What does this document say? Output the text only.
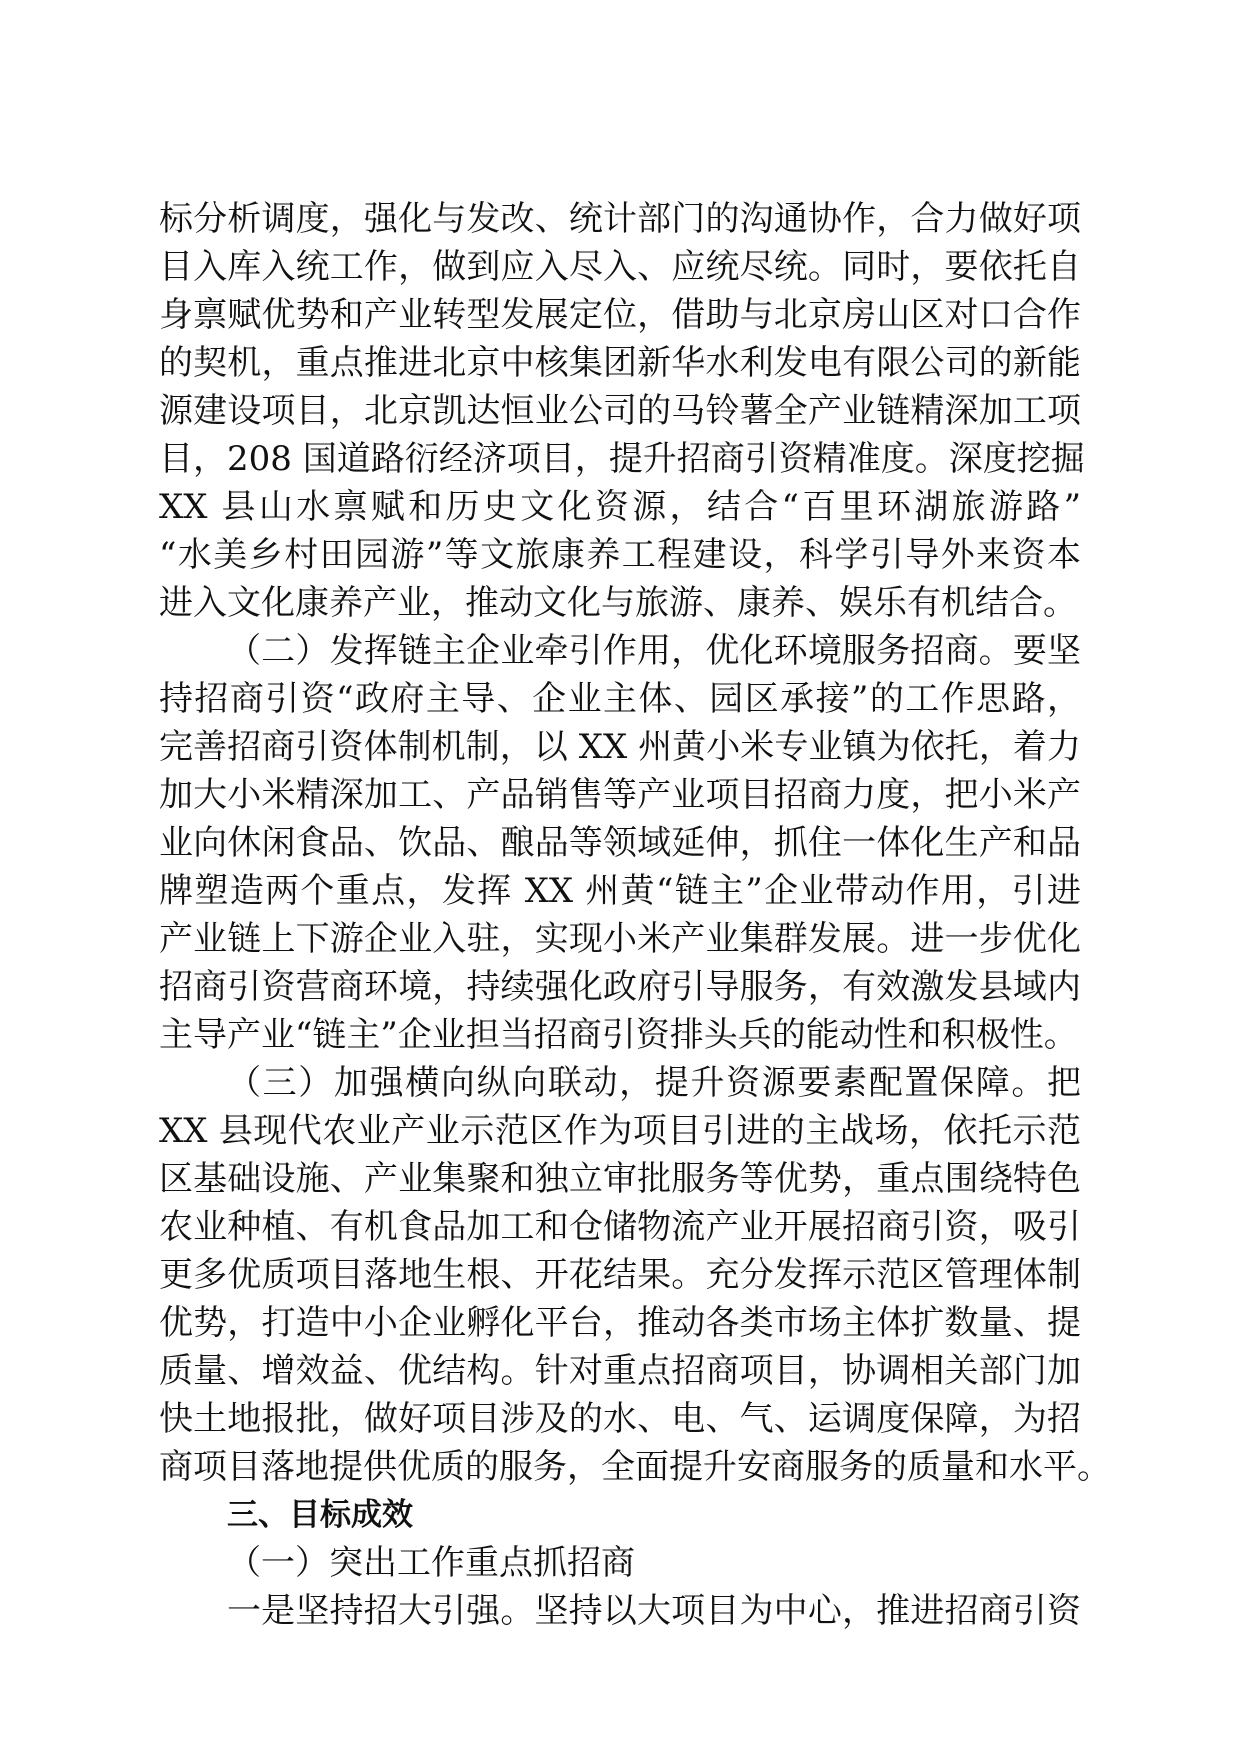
标分析调度，强化与发改、统计部门的沟通协作，合力做好项
目入库入统工作，做到应入尽入、应统尽统。同时，要依托自
身禀赋优势和产业转型发展定位，借助与北京房山区对口合作
的契机，重点推进北京中核集团新华水利发电有限公司的新能
源建设项目，北京凯达恒业公司的马铃薯全产业链精深加工项
目，208 国道路衍经济项目，提升招商引资精准度。深度挖掘
XX 县山水禀赋和历史文化资源，结合“百里环湖旅游路”
“水美乡村田园游”等文旅康养工程建设，科学引导外来资本
进入文化康养产业，推动文化与旅游、康养、娱乐有机结合。
（二）发挥链主企业牵引作用，优化环境服务招商。要坚
持招商引资“政府主导、企业主体、园区承接”的工作思路，
完善招商引资体制机制，以 XX 州黄小米专业镇为依托，着力
加大小米精深加工、产品销售等产业项目招商力度，把小米产
业向休闲食品、饮品、酿品等领域延伸，抓住一体化生产和品
牌塑造两个重点，发挥 XX 州黄“链主”企业带动作用，引进
产业链上下游企业入驻，实现小米产业集群发展。进一步优化
招商引资营商环境，持续强化政府引导服务，有效激发县域内
主导产业“链主”企业担当招商引资排头兵的能动性和积极性。
（三）加强横向纵向联动，提升资源要素配置保障。把
XX 县现代农业产业示范区作为项目引进的主战场，依托示范
区基础设施、产业集聚和独立审批服务等优势，重点围绕特色
农业种植、有机食品加工和仓储物流产业开展招商引资，吸引
更多优质项目落地生根、开花结果。充分发挥示范区管理体制
优势，打造中小企业孵化平台，推动各类市场主体扩数量、提
质量、增效益、优结构。针对重点招商项目，协调相关部门加
快土地报批，做好项目涉及的水、电、气、运调度保障，为招
商项目落地提供优质的服务，全面提升安商服务的质量和水平。
三、目标成效
（一）突出工作重点抓招商
一是坚持招大引强。坚持以大项目为中心，推进招商引资
